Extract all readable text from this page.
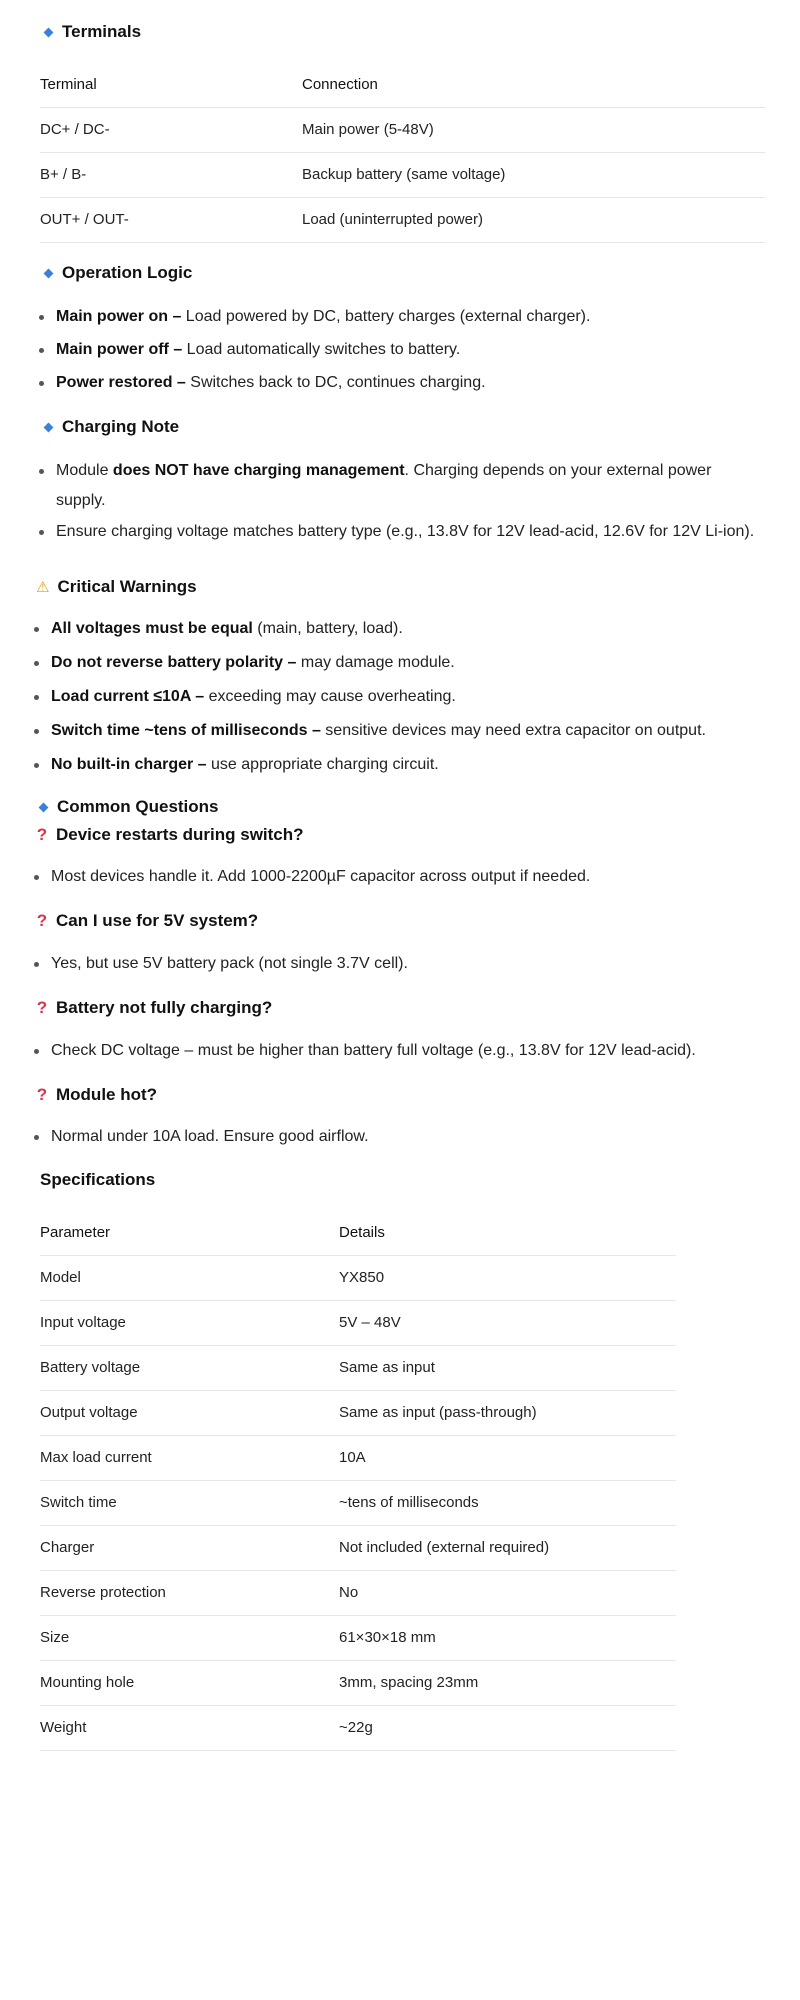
Terminals
Terminal	Connection
DC+ / DC-	Main power (5-48V)
B+ / B-	Backup battery (same voltage)
OUT+ / OUT-	Load (uninterrupted power)
Operation Logic
Main power on – Load powered by DC, battery charges (external charger).
Main power off – Load automatically switches to battery.
Power restored – Switches back to DC, continues charging.
Charging Note
Module does NOT have charging management. Charging depends on your external power supply.
Ensure charging voltage matches battery type (e.g., 13.8V for 12V lead-acid, 12.6V for 12V Li-ion).
⚠ Critical Warnings
All voltages must be equal (main, battery, load).
Do not reverse battery polarity – may damage module.
Load current ≤10A – exceeding may cause overheating.
Switch time ~tens of milliseconds – sensitive devices may need extra capacitor on output.
No built-in charger – use appropriate charging circuit.
Common Questions
? Device restarts during switch?
Most devices handle it. Add 1000-2200µF capacitor across output if needed.
? Can I use for 5V system?
Yes, but use 5V battery pack (not single 3.7V cell).
? Battery not fully charging?
Check DC voltage – must be higher than battery full voltage (e.g., 13.8V for 12V lead-acid).
? Module hot?
Normal under 10A load. Ensure good airflow.
Specifications
Parameter	Details
Model	YX850
Input voltage	5V – 48V
Battery voltage	Same as input
Output voltage	Same as input (pass-through)
Max load current	10A
Switch time	~tens of milliseconds
Charger	Not included (external required)
Reverse protection	No
Size	61×30×18 mm
Mounting hole	3mm, spacing 23mm
Weight	~22g
